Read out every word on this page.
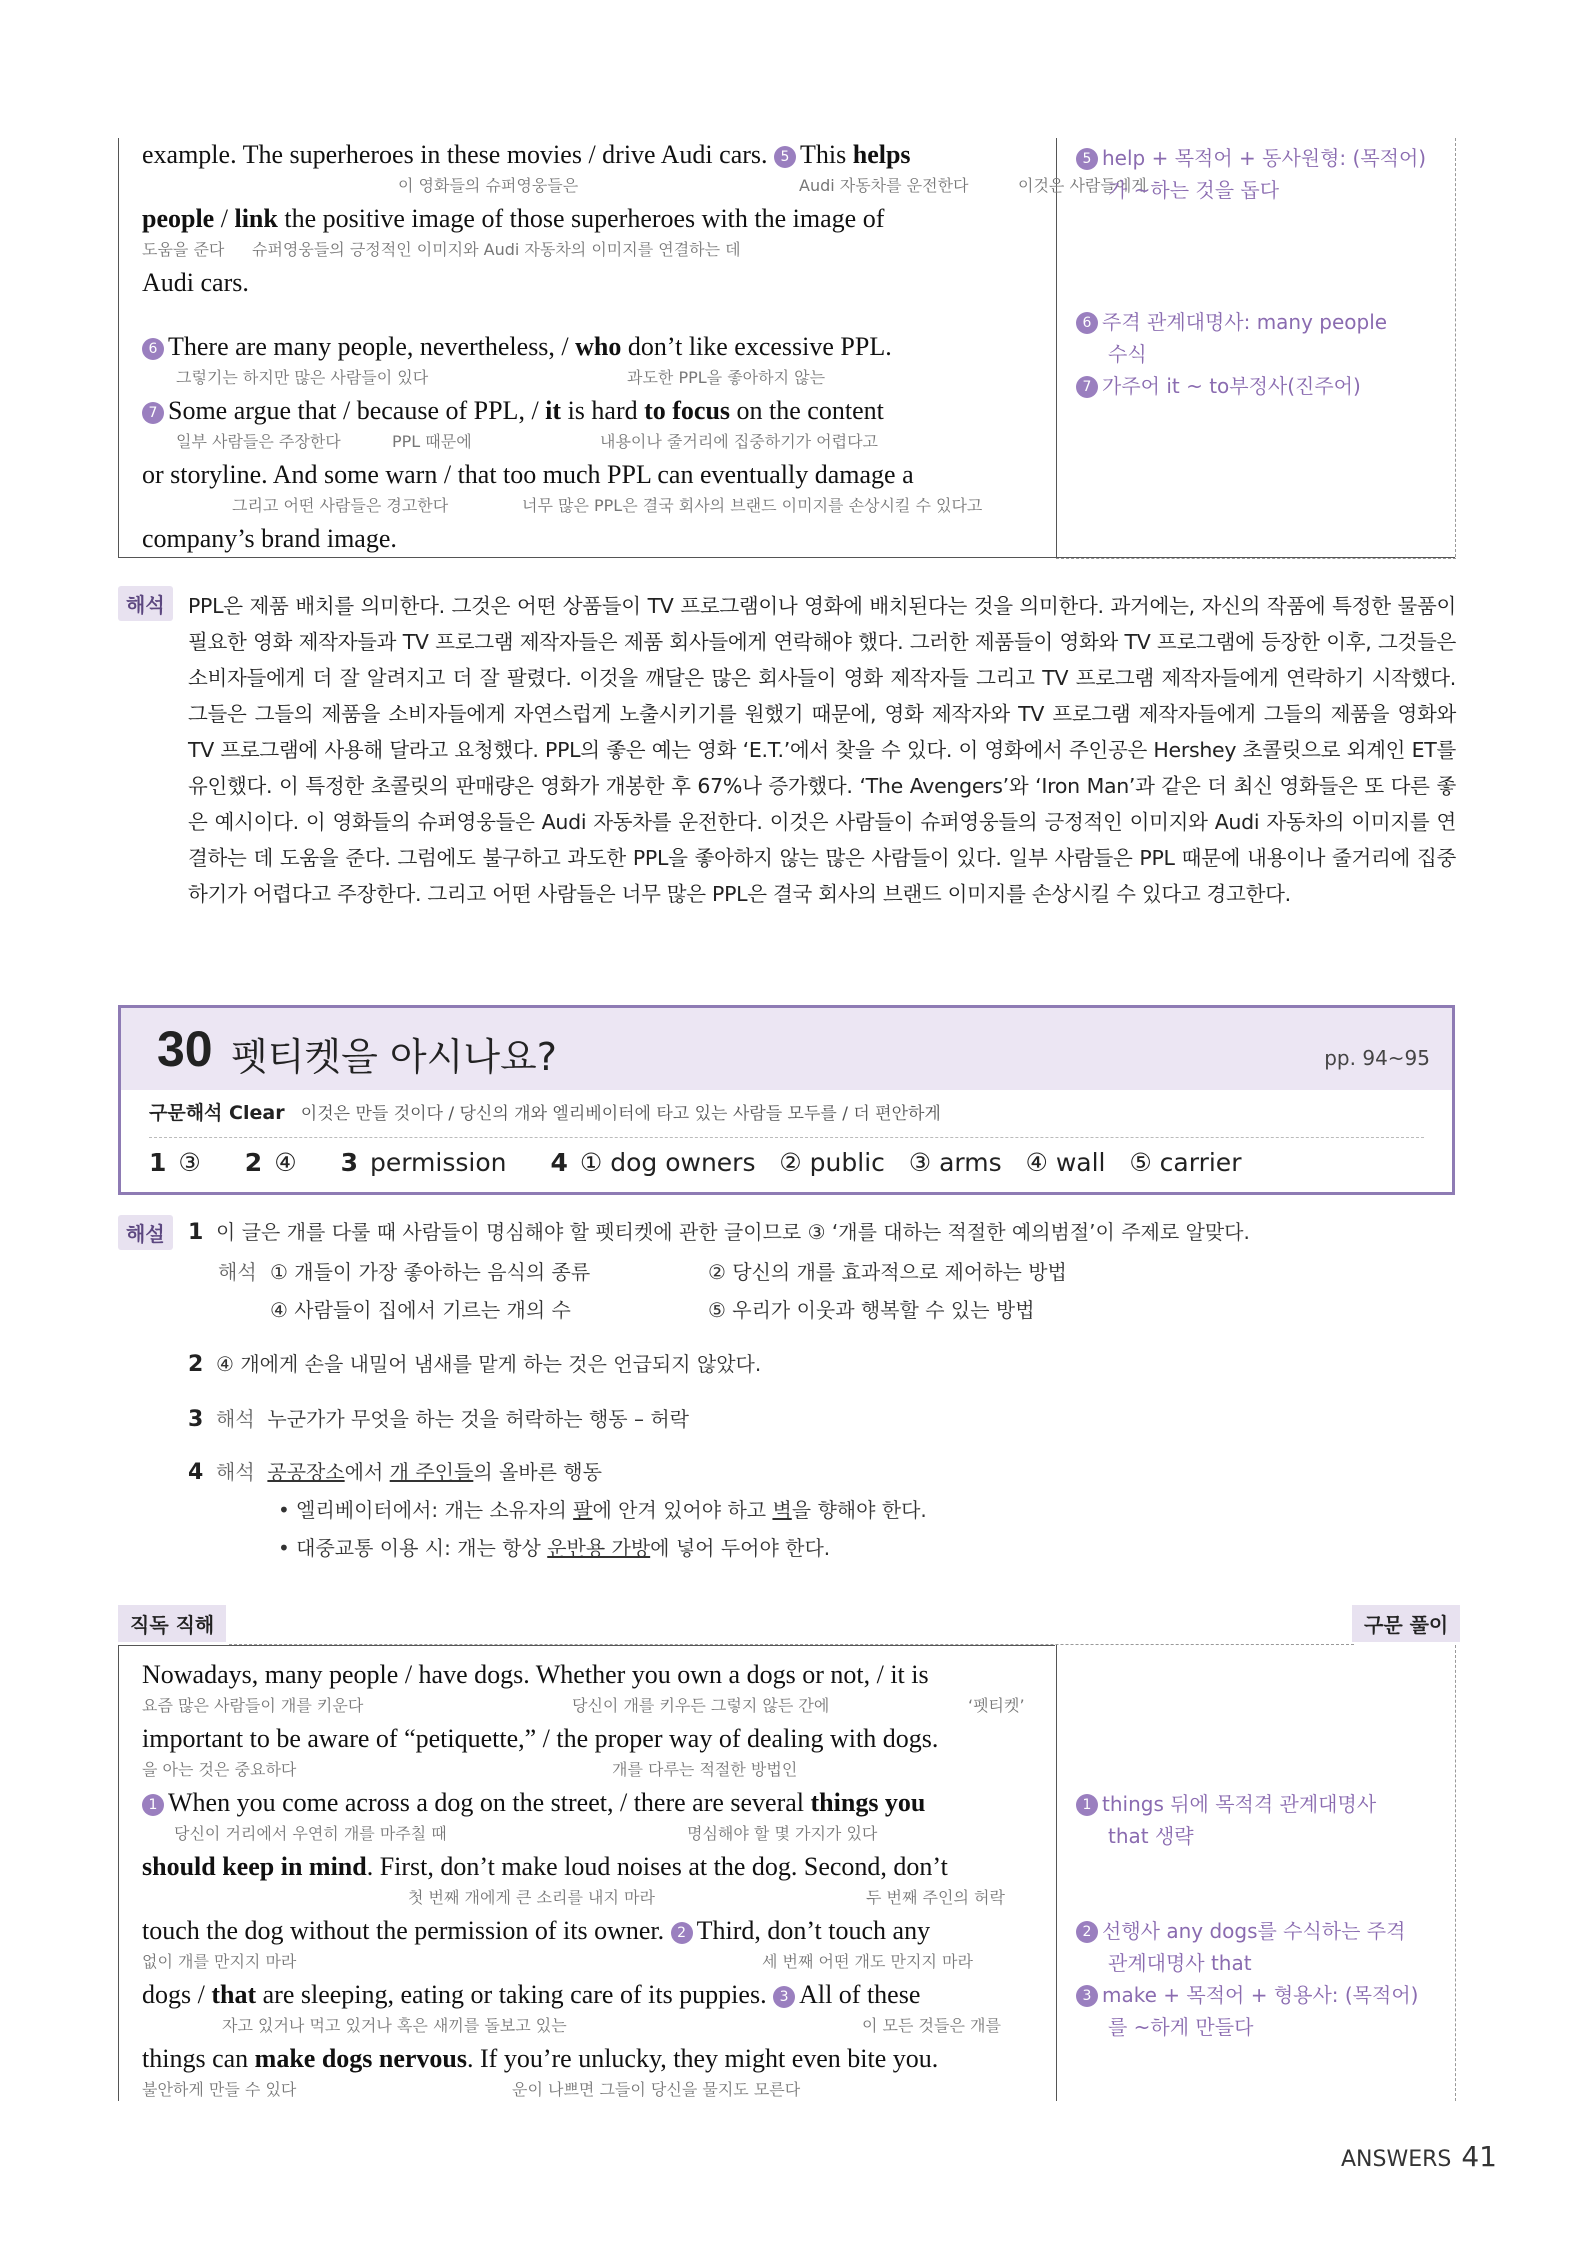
example. The superheroes in these movies / drive Audi cars. 5 This helps
이 영화들의 슈퍼영웅들은	Audi 자동차를 운전한다	이것은 사람들에게
people / link the positive image of those superheroes with the image of
도움을 준다 슈퍼영웅들의 긍정적인 이미지와 Audi 자동차의 이미지를 연결하는 데
Audi cars.
6 There are many people, nevertheless, / who don’t like excessive PPL.
그렇기는 하지만 많은 사람들이 있다	과도한 PPL을 좋아하지 않는
7 Some argue that / because of PPL, / it is hard to focus on the content
일부 사람들은 주장한다	PPL 때문에	내용이나 줄거리에 집중하기가 어렵다고
or storyline. And some warn / that too much PPL can eventually damage a
그리고 어떤 사람들은 경고한다	너무 많은 PPL은 결국 회사의 브랜드 이미지를 손상시킬 수 있다고
company’s brand image.
5 help + 목적어 + 동사원형: (목적어)
가 ~하는 것을 돕다
6 주격 관계대명사: many people
수식
7 가주어 it ~ to부정사(진주어)
해석	PPL은 제품 배치를 의미한다. 그것은 어떤 상품들이 TV 프로그램이나 영화에 배치된다는 것을 의미한다. 과거에는, 자신의 작품에 특정한 물품이 필요한 영화 제작자들과 TV 프로그램 제작자들은 제품 회사들에게 연락해야 했다. 그러한 제품들이 영화와 TV 프로그램에 등장한 이후, 그것들은 소비자들에게 더 잘 알려지고 더 잘 팔렸다. 이것을 깨달은 많은 회사들이 영화 제작자들 그리고 TV 프로그램 제작자들에게 연락하기 시작했다. 그들은 그들의 제품을 소비자들에게 자연스럽게 노출시키기를 원했기 때문에, 영화 제작자와 TV 프로그램 제작자들에게 그들의 제품을 영화와 TV 프로그램에 사용해 달라고 요청했다. PPL의 좋은 예는 영화 ‘E.T.’에서 찾을 수 있다. 이 영화에서 주인공은 Hershey 초콜릿으로 외계인 ET를 유인했다. 이 특정한 초콜릿의 판매량은 영화가 개봉한 후 67%나 증가했다. ‘The Avengers’와 ‘Iron Man’과 같은 더 최신 영화들은 또 다른 좋은 예시이다. 이 영화들의 슈퍼영웅들은 Audi 자동차를 운전한다. 이것은 사람들이 슈퍼영웅들의 긍정적인 이미지와 Audi 자동차의 이미지를 연결하는 데 도움을 준다. 그럼에도 불구하고 과도한 PPL을 좋아하지 않는 많은 사람들이 있다. 일부 사람들은 PPL 때문에 내용이나 줄거리에 집중하기가 어렵다고 주장한다. 그리고 어떤 사람들은 너무 많은 PPL은 결국 회사의 브랜드 이미지를 손상시킬 수 있다고 경고한다.
30 펫티켓을 아시나요?	pp. 94~95
구문해석 Clear 이것은 만들 것이다 / 당신의 개와 엘리베이터에 타고 있는 사람들 모두를 / 더 편안하게
1 ③ 2 ④ 3 permission 4 ① dog owners   ② public   ③ arms   ④ wall   ⑤ carrier
해설	1 이 글은 개를 다룰 때 사람들이 명심해야 할 펫티켓에 관한 글이므로 ③ ‘개를 대하는 적절한 예의범절’이 주제로 알맞다.
해석 ① 개들이 가장 좋아하는 음식의 종류	② 당신의 개를 효과적으로 제어하는 방법
④ 사람들이 집에서 기르는 개의 수	⑤ 우리가 이웃과 행복할 수 있는 방법
2 ④ 개에게 손을 내밀어 냄새를 맡게 하는 것은 언급되지 않았다.
3 해석 누군가가 무엇을 하는 것을 허락하는 행동 – 허락
4 해석 공공장소에서 개 주인들의 올바른 행동
• 엘리베이터에서: 개는 소유자의 팔에 안겨 있어야 하고 벽을 향해야 한다.
• 대중교통 이용 시: 개는 항상 운반용 가방에 넣어 두어야 한다.
직독 직해	구문 풀이
Nowadays, many people / have dogs. Whether you own a dogs or not, / it is
요즘 많은 사람들이 개를 키운다	당신이 개를 키우든 그렇지 않든 간에	‘펫티켓’
important to be aware of “petiquette,” / the proper way of dealing with dogs.
을 아는 것은 중요하다	개를 다루는 적절한 방법인
1 When you come across a dog on the street, / there are several things you
당신이 거리에서 우연히 개를 마주칠 때	명심해야 할 몇 가지가 있다
should keep in mind. First, don’t make loud noises at the dog. Second, don’t
첫 번째 개에게 큰 소리를 내지 마라	두 번째 주인의 허락
touch the dog without the permission of its owner. 2 Third, don’t touch any
없이 개를 만지지 마라	세 번째 어떤 개도 만지지 마라
dogs / that are sleeping, eating or taking care of its puppies. 3 All of these
자고 있거나 먹고 있거나 혹은 새끼를 돌보고 있는	이 모든 것들은 개를
things can make dogs nervous. If you’re unlucky, they might even bite you.
불안하게 만들 수 있다	운이 나쁘면 그들이 당신을 물지도 모른다
1 things 뒤에 목적격 관계대명사
that 생략
2 선행사 any dogs를 수식하는 주격
관계대명사 that
3 make + 목적어 + 형용사: (목적어)
를 ~하게 만들다
ANSWERS 41
